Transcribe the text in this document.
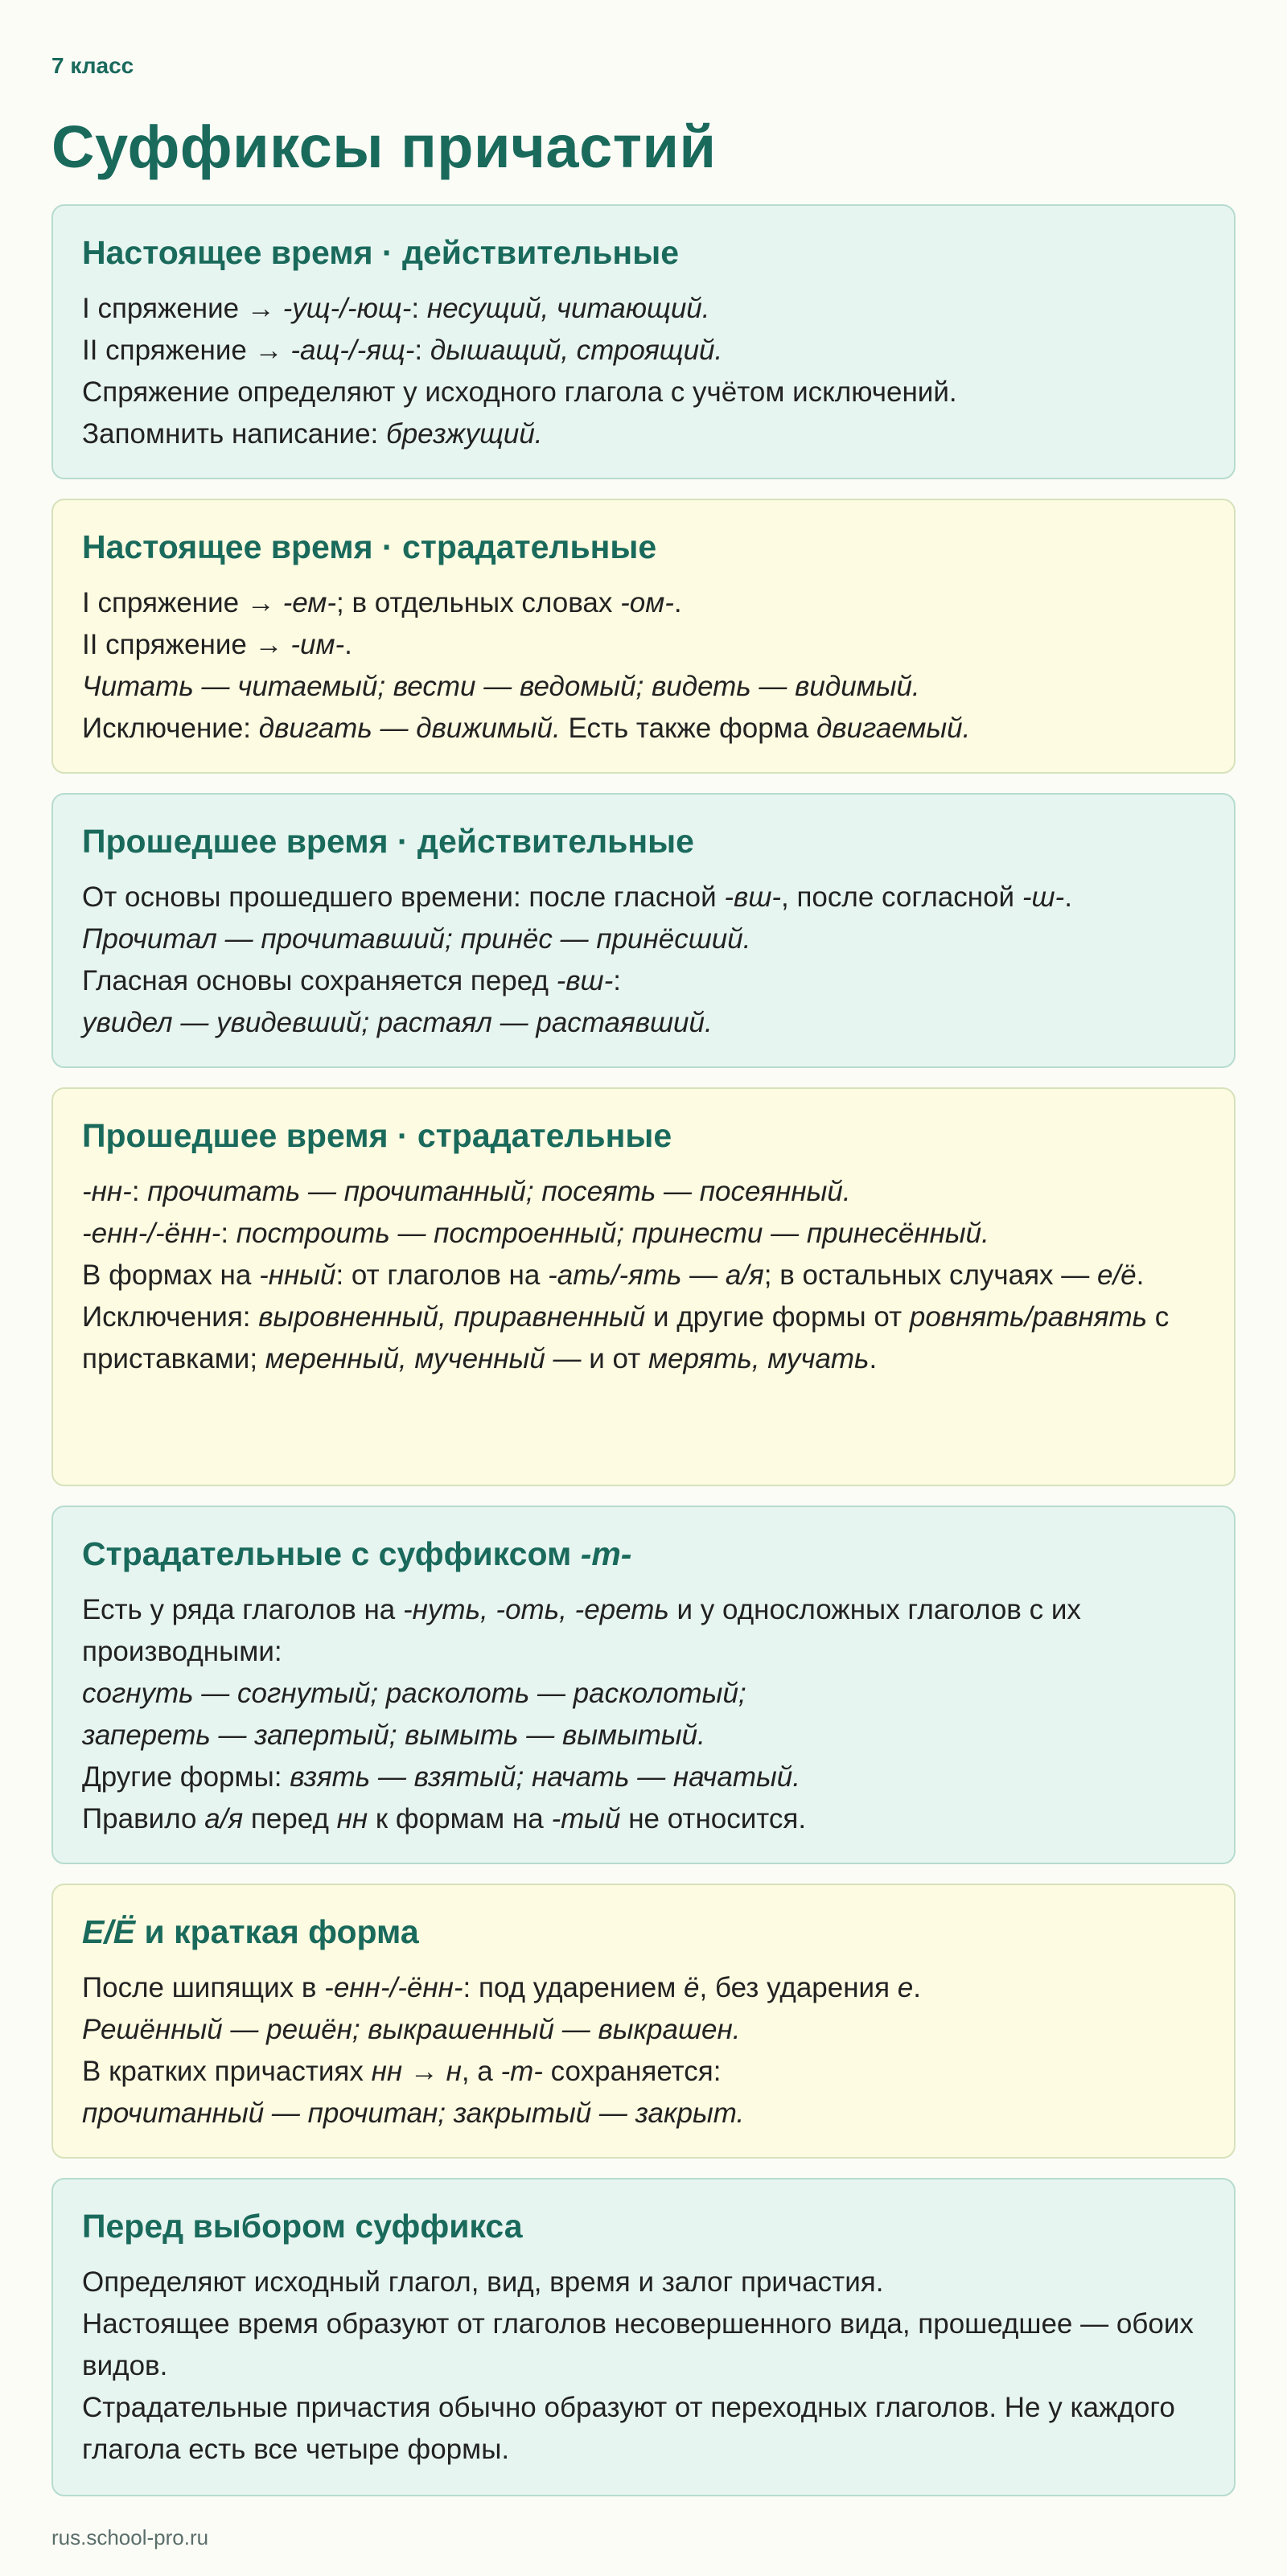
7 класс
Суффиксы причастий
Настоящее время · действительные

I спряжение → -ущ-/-ющ-: несущий, читающий.
II спряжение → -ащ-/-ящ-: дышащий, строящий.
Спряжение определяют у исходного глагола с учётом исключений.
Запомнить написание: брезжущий.

Настоящее время · страдательные

I спряжение → -ем-; в отдельных словах -ом-.
II спряжение → -им-.
Читать — читаемый; вести — ведомый; видеть — видимый.
Исключение: двигать — движимый. Есть также форма двигаемый.

Прошедшее время · действительные

От основы прошедшего времени: после гласной -вш-, после согласной -ш-.
Прочитал — прочитавший; принёс — принёсший.
Гласная основы сохраняется перед -вш-:
увидел — увидевший; растаял — растаявший.

Прошедшее время · страдательные

-нн-: прочитать — прочитанный; посеять — посеянный.
-енн-/-ённ-: построить — построенный; принести — принесённый.
В формах на -нный: от глаголов на -ать/-ять — а/я; в остальных случаях — е/ё.
Исключения: выровненный, приравненный и другие формы от ровнять/равнять с приставками; меренный, мученный — и от мерять, мучать.

Страдательные с суффиксом -т-

Есть у ряда глаголов на -нуть, -оть, -ереть и у односложных глаголов с их производными:
согнуть — согнутый; расколоть — расколотый;
запереть — запертый; вымыть — вымытый.
Другие формы: взять — взятый; начать — начатый.
Правило а/я перед нн к формам на -тый не относится.

Е/Ё и краткая форма

После шипящих в -енн-/-ённ-: под ударением ё, без ударения е.
Решённый — решён; выкрашенный — выкрашен.
В кратких причастиях нн → н, а -т- сохраняется:
прочитанный — прочитан; закрытый — закрыт.

Перед выбором суффикса

Определяют исходный глагол, вид, время и залог причастия.
Настоящее время образуют от глаголов несовершенного вида, прошедшее — обоих видов.
Страдательные причастия обычно образуют от переходных глаголов. Не у каждого глагола есть все четыре формы.

rus.school-pro.ru
